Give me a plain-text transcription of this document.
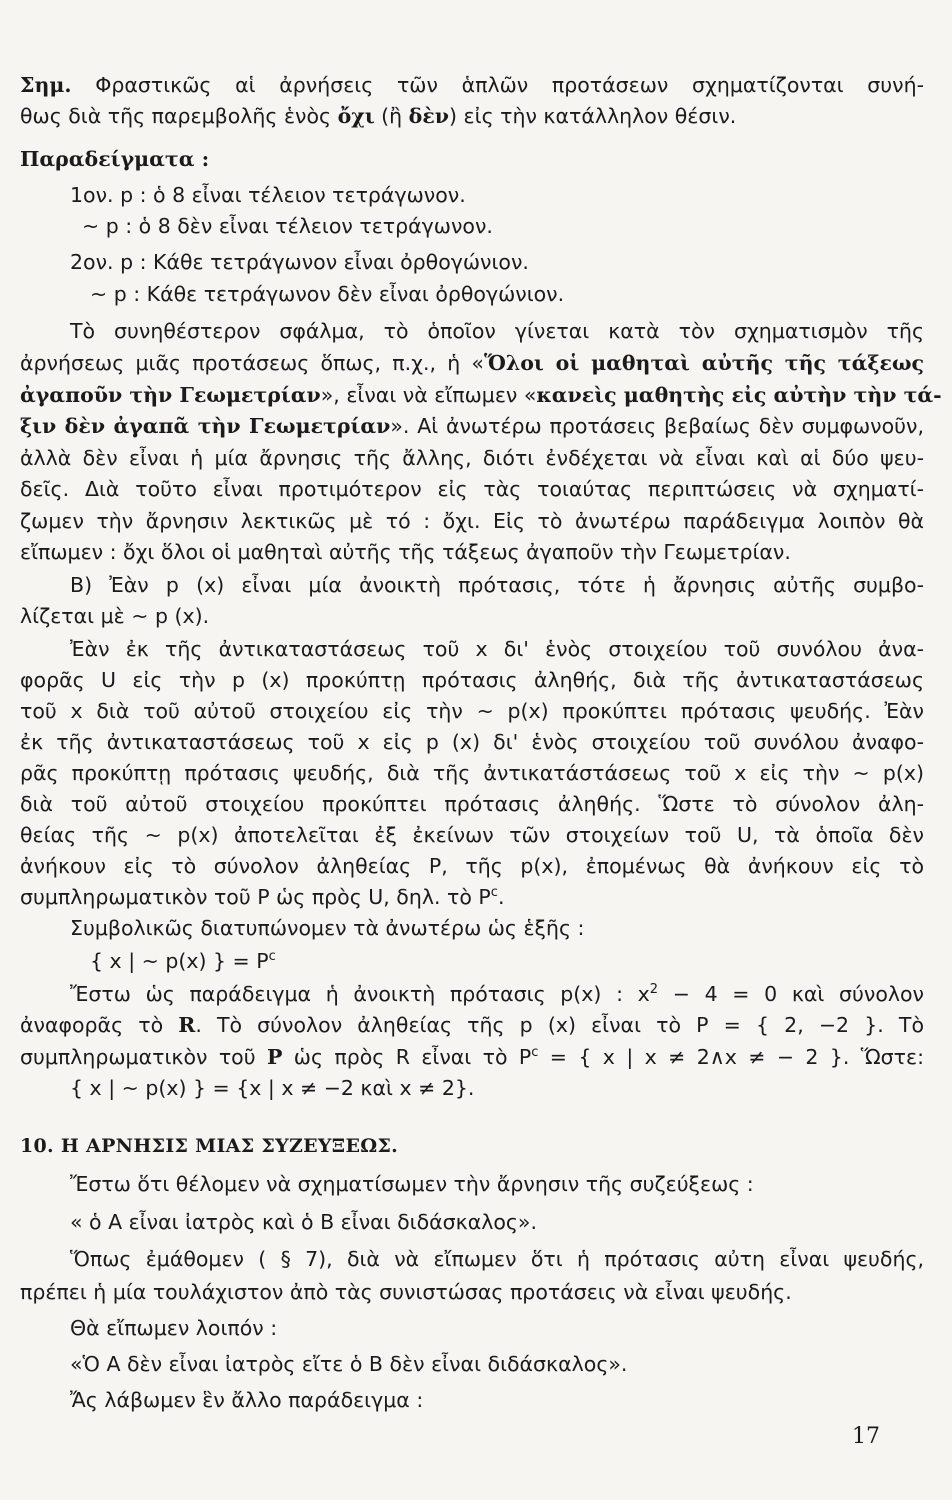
Σημ. Φραστικῶς αἱ ἀρνήσεις τῶν ἁπλῶν προτάσεων σχηματίζονται συνή-
θως διὰ τῆς παρεμβολῆς ἑνὸς ὄχι (ἢ δὲν) εἰς τὴν κατάλληλον θέσιν.
Παραδείγματα :
1ον. p : ὁ 8 εἶναι τέλειον τετράγωνον.
~ p : ὁ 8 δὲν εἶναι τέλειον τετράγωνον.
2ον. p : Κάθε τετράγωνον εἶναι ὀρθογώνιον.
~ p : Κάθε τετράγωνον δὲν εἶναι ὀρθογώνιον.
Τὸ συνηθέστερον σφάλμα, τὸ ὁποῖον γίνεται κατὰ τὸν σχηματισμὸν τῆς
ἀρνήσεως μιᾶς προτάσεως ὅπως, π.χ., ἡ «Ὅλοι οἱ μαθηταὶ αὐτῆς τῆς τάξεως
ἀγαποῦν τὴν Γεωμετρίαν», εἶναι νὰ εἴπωμεν «κανεὶς μαθητὴς εἰς αὐτὴν τὴν τά-
ξιν δὲν ἀγαπᾶ τὴν Γεωμετρίαν». Αἱ ἀνωτέρω προτάσεις βεβαίως δὲν συμφωνοῦν,
ἀλλὰ δὲν εἶναι ἡ μία ἄρνησις τῆς ἄλλης, διότι ἐνδέχεται νὰ εἶναι καὶ αἱ δύο ψευ-
δεῖς. Διὰ τοῦτο εἶναι προτιμότερον εἰς τὰς τοιαύτας περιπτώσεις νὰ σχηματί-
ζωμεν τὴν ἄρνησιν λεκτικῶς μὲ τό : ὄχι. Εἰς τὸ ἀνωτέρω παράδειγμα λοιπὸν θὰ
εἴπωμεν : ὄχι ὅλοι οἱ μαθηταὶ αὐτῆς τῆς τάξεως ἀγαποῦν τὴν Γεωμετρίαν.
Β) Ἐὰν p (x) εἶναι μία ἀνοικτὴ πρότασις, τότε ἡ ἄρνησις αὐτῆς συμβο-
λίζεται μὲ ~ p (x).
Ἐὰν ἐκ τῆς ἀντικαταστάσεως τοῦ x δι' ἑνὸς στοιχείου τοῦ συνόλου ἀνα-
φορᾶς U εἰς τὴν p (x) προκύπτῃ πρότασις ἀληθής, διὰ τῆς ἀντικαταστάσεως
τοῦ x διὰ τοῦ αὐτοῦ στοιχείου εἰς τὴν ~ p(x) προκύπτει πρότασις ψευδής. Ἐὰν
ἐκ τῆς ἀντικαταστάσεως τοῦ x εἰς p (x) δι' ἑνὸς στοιχείου τοῦ συνόλου ἀναφο-
ρᾶς προκύπτῃ πρότασις ψευδής, διὰ τῆς ἀντικατάστάσεως τοῦ x εἰς τὴν ~ p(x)
διὰ τοῦ αὐτοῦ στοιχείου προκύπτει πρότασις ἀληθής. Ὥστε τὸ σύνολον ἀλη-
θείας τῆς ~ p(x) ἀποτελεῖται ἐξ ἐκείνων τῶν στοιχείων τοῦ U, τὰ ὁποῖα δὲν
ἀνήκουν εἰς τὸ σύνολον ἀληθείας P, τῆς p(x), ἐπομένως θὰ ἀνήκουν εἰς τὸ
συμπληρωματικὸν τοῦ P ὡς πρὸς U, δηλ. τὸ $P^c$.
Συμβολικῶς διατυπώνομεν τὰ ἀνωτέρω ὡς ἑξῆς :
{ x | ~ p(x) } = $P^c$
Ἔστω ὡς παράδειγμα ἡ ἀνοικτὴ πρότασις p(x) : $x^2 - 4 = 0$ καὶ σύνολον
ἀναφορᾶς τὸ R. Τὸ σύνολον ἀληθείας τῆς p (x) εἶναι τὸ P = { 2, −2 }. Τὸ
συμπληρωματικὸν τοῦ P ὡς πρὸς R εἶναι τὸ $P^c$ = { x | x ≠ 2∧x ≠ − 2 }. Ὥστε:
{ x | ~ p(x) } = {x | x ≠ −2 καὶ x ≠ 2}.
10. Η ΑΡΝΗΣΙΣ ΜΙΑΣ ΣΥΖΕΥΞΕΩΣ.
Ἔστω ὅτι θέλομεν νὰ σχηματίσωμεν τὴν ἄρνησιν τῆς συζεύξεως :
« ὁ Α εἶναι ἰατρὸς καὶ ὁ Β εἶναι διδάσκαλος».
Ὅπως ἐμάθομεν ( § 7), διὰ νὰ εἴπωμεν ὅτι ἡ πρότασις αὐτη εἶναι ψευδής,
πρέπει ἡ μία τουλάχιστον ἀπὸ τὰς συνιστώσας προτάσεις νὰ εἶναι ψευδής.
Θὰ εἴπωμεν λοιπόν :
«Ὁ Α δὲν εἶναι ἰατρὸς εἴτε ὁ Β δὲν εἶναι διδάσκαλος».
Ἄς λάβωμεν ἓν ἄλλο παράδειγμα :
17
